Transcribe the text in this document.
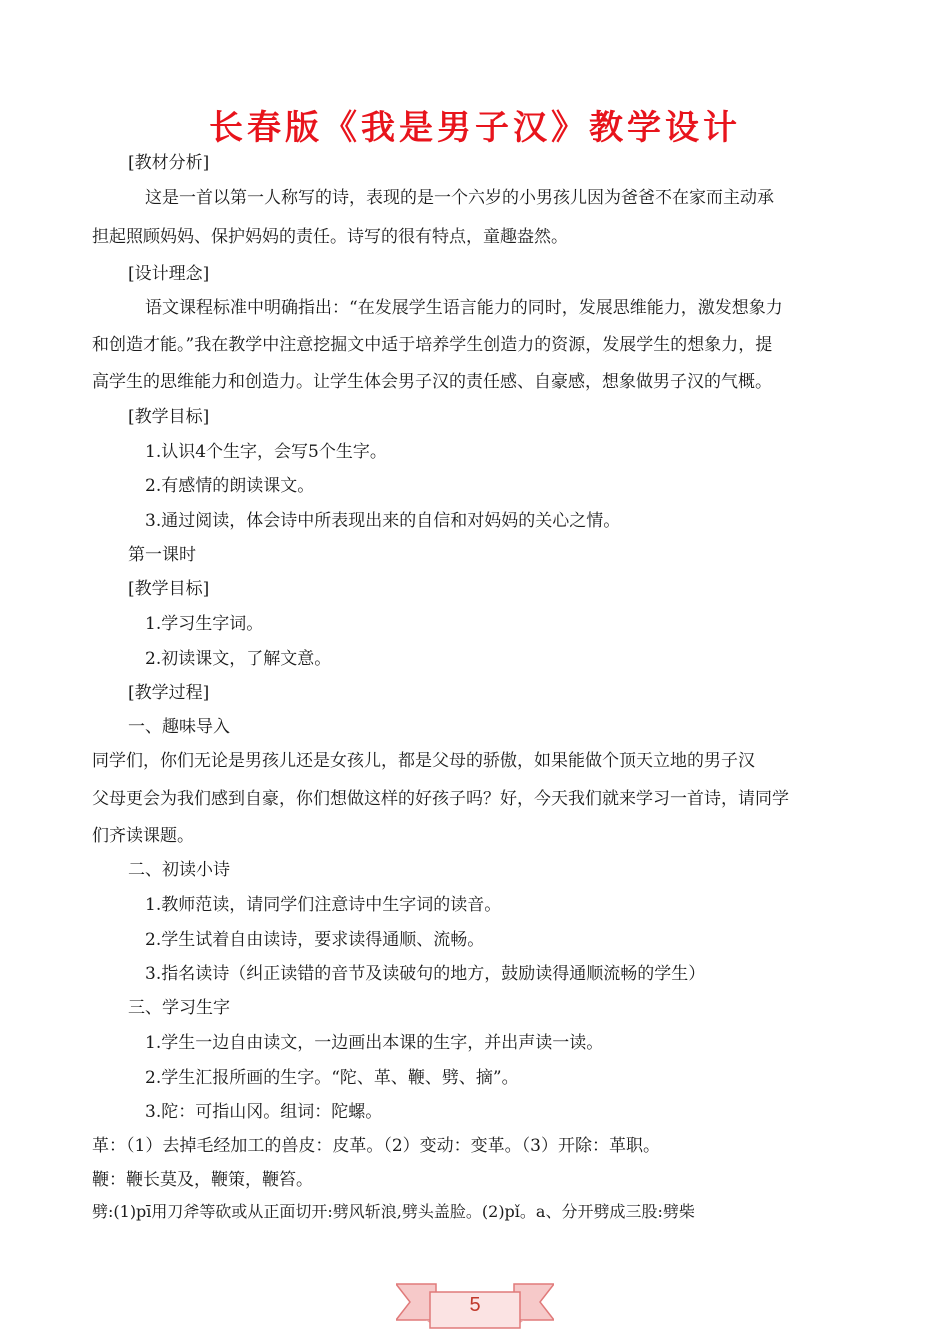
长春版《我是男子汉》教学设计
[教材分析]
这是一首以第一人称写的诗，表现的是一个六岁的小男孩儿因为爸爸不在家而主动承
担起照顾妈妈、保护妈妈的责任。诗写的很有特点，童趣盎然。
[设计理念]
语文课程标准中明确指出：“在发展学生语言能力的同时，发展思维能力，激发想象力
和创造才能。”我在教学中注意挖掘文中适于培养学生创造力的资源，发展学生的想象力，提
高学生的思维能力和创造力。让学生体会男子汉的责任感、自豪感，想象做男子汉的气概。
[教学目标]
1.认识4个生字，会写5个生字。
2.有感情的朗读课文。
3.通过阅读，体会诗中所表现出来的自信和对妈妈的关心之情。
第一课时
[教学目标]
1.学习生字词。
2.初读课文，了解文意。
[教学过程]
一、趣味导入
同学们，你们无论是男孩儿还是女孩儿，都是父母的骄傲，如果能做个顶天立地的男子汉
父母更会为我们感到自豪，你们想做这样的好孩子吗？好，今天我们就来学习一首诗，请同学
们齐读课题。
二、初读小诗
1.教师范读，请同学们注意诗中生字词的读音。
2.学生试着自由读诗，要求读得通顺、流畅。
3.指名读诗（纠正读错的音节及读破句的地方，鼓励读得通顺流畅的学生）
三、学习生字
1.学生一边自由读文，一边画出本课的生字，并出声读一读。
2.学生汇报所画的生字。“陀、革、鞭、劈、摘”。
3.陀：可指山冈。组词：陀螺。
革：（1）去掉毛经加工的兽皮：皮革。（2）变动：变革。（3）开除：革职。
鞭：鞭长莫及，鞭策，鞭笞。
劈:(1)pī用刀斧等砍或从正面切开:劈风斩浪,劈头盖脸。(2)pǐ。a、分开劈成三股:劈柴
5
